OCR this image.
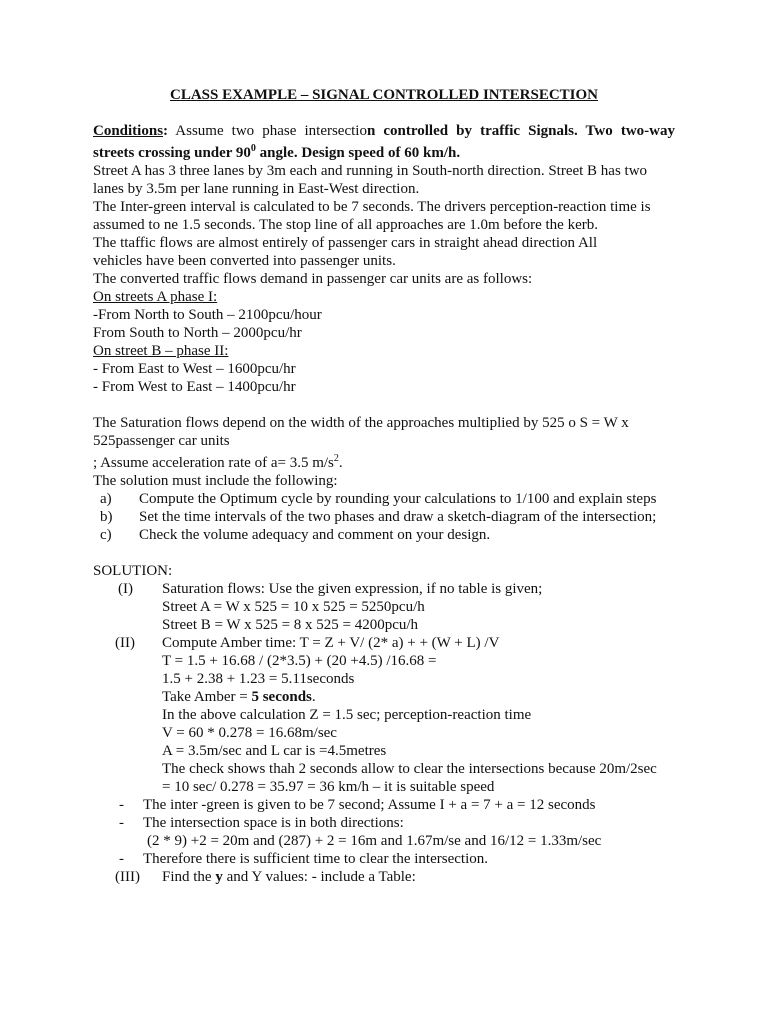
CLASS EXAMPLE – SIGNAL CONTROLLED INTERSECTION
Conditions: Assume two phase intersection controlled by traffic Signals. Two two-way
streets crossing under $90^0$ angle. Design speed of 60 km/h.
Street A has 3 three lanes by 3m each and running in South-north direction. Street B has two
lanes by 3.5m per lane running in East-West direction.
The Inter-green interval is calculated to be 7 seconds. The drivers perception-reaction time is
assumed to ne 1.5 seconds. The stop line of all approaches are 1.0m before the kerb.
The ttaffic flows are almost entirely of passenger cars in straight ahead direction All
vehicles have been converted into passenger units.
The converted traffic flows demand in passenger car units are as follows:
On streets A phase I:
-From North to South – 2100pcu/hour
From South to North – 2000pcu/hr
On street B – phase II:
- From East to West – 1600pcu/hr
- From West to East – 1400pcu/hr
The Saturation flows depend on the width of the approaches multiplied by 525 o S = W x
525passenger car units
; Assume acceleration rate of a= 3.5 $m/s^2$.
The solution must include the following:
a) Compute the Optimum cycle by rounding your calculations to 1/100 and explain steps
b) Set the time intervals of the two phases and draw a sketch-diagram of the intersection;
c) Check the volume adequacy and comment on your design.
SOLUTION:
(I) Saturation flows: Use the given expression, if no table is given;
Street A = W x 525 = 10 x 525 = 5250pcu/h
Street B = W x 525 = 8 x 525 = 4200pcu/h
(II) Compute Amber time: T = Z + V/ (2* a) + + (W + L) /V
T = 1.5 + 16.68 / (2*3.5) + (20 +4.5) /16.68 =
1.5 + 2.38 + 1.23 = 5.11seconds
Take Amber = 5 seconds.
In the above calculation Z = 1.5 sec; perception-reaction time
V = 60 * 0.278 = 16.68m/sec
A = 3.5m/sec and L car is =4.5metres
The check shows thah 2 seconds allow to clear the intersections because 20m/2sec
= 10 sec/ 0.278 = 35.97 = 36 km/h – it is suitable speed
- The inter -green is given to be 7 second; Assume I + a = 7 + a = 12 seconds
- The intersection space is in both directions:
(2 * 9) +2 = 20m and (287) + 2 = 16m and 1.67m/se and 16/12 = 1.33m/sec
- Therefore there is sufficient time to clear the intersection.
(III) Find the y and Y values: - include a Table:
